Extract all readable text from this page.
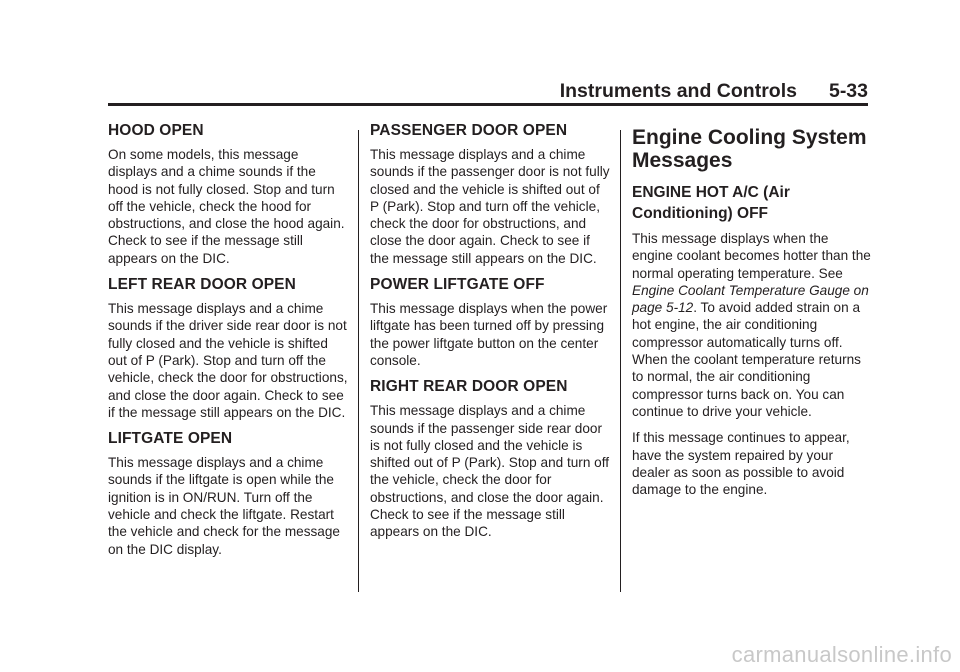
Instruments and Controls 5-33
HOOD OPEN

On some models, this message displays and a chime sounds if the hood is not fully closed. Stop and turn off the vehicle, check the hood for obstructions, and close the hood again. Check to see if the message still appears on the DIC.

LEFT REAR DOOR OPEN

This message displays and a chime sounds if the driver side rear door is not fully closed and the vehicle is shifted out of P (Park). Stop and turn off the vehicle, check the door for obstructions, and close the door again. Check to see if the message still appears on the DIC.

LIFTGATE OPEN

This message displays and a chime sounds if the liftgate is open while the ignition is in ON/RUN. Turn off the vehicle and check the liftgate. Restart the vehicle and check for the message on the DIC display.

PASSENGER DOOR OPEN

This message displays and a chime sounds if the passenger door is not fully closed and the vehicle is shifted out of P (Park). Stop and turn off the vehicle, check the door for obstructions, and close the door again. Check to see if the message still appears on the DIC.

POWER LIFTGATE OFF

This message displays when the power liftgate has been turned off by pressing the power liftgate button on the center console.

RIGHT REAR DOOR OPEN

This message displays and a chime sounds if the passenger side rear door is not fully closed and the vehicle is shifted out of P (Park). Stop and turn off the vehicle, check the door for obstructions, and close the door again. Check to see if the message still appears on the DIC.

Engine Cooling System Messages
ENGINE HOT A/C (Air Conditioning) OFF

This message displays when the engine coolant becomes hotter than the normal operating temperature. See Engine Coolant Temperature Gauge on page 5-12. To avoid added strain on a hot engine, the air conditioning compressor automatically turns off. When the coolant temperature returns to normal, the air conditioning compressor turns back on. You can continue to drive your vehicle.

If this message continues to appear, have the system repaired by your dealer as soon as possible to avoid damage to the engine.

carmanualsonline.info
